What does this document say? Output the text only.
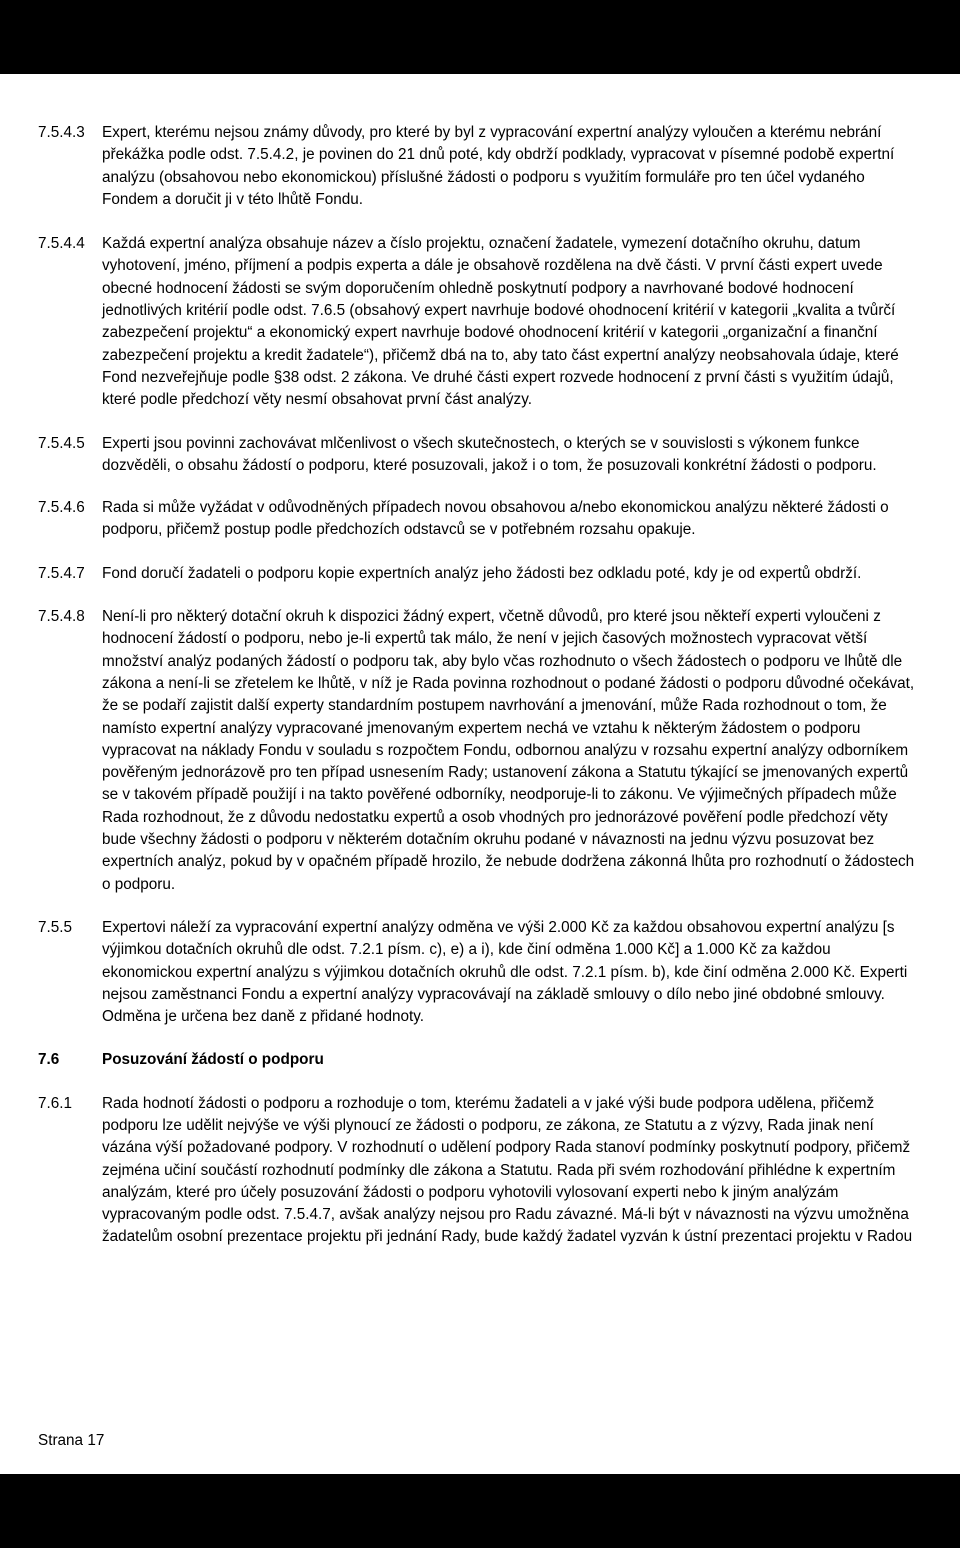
7.5.4.3	Expert, kterému nejsou známy důvody, pro které by byl z vypracování expertní analýzy vyloučen a kterému nebrání překážka podle odst. 7.5.4.2, je povinen do 21 dnů poté, kdy obdrží podklady, vypracovat v písemné podobě expertní analýzu (obsahovou nebo ekonomickou) příslušné žádosti o podporu s využitím formuláře pro ten účel vydaného Fondem a doručit ji v této lhůtě Fondu.
7.5.4.4	Každá expertní analýza obsahuje název a číslo projektu, označení žadatele, vymezení dotačního okruhu, datum vyhotovení, jméno, příjmení a podpis experta a dále je obsahově rozdělena na dvě části. V první části expert uvede obecné hodnocení žádosti se svým doporučením ohledně poskytnutí podpory a navrhované bodové hodnocení jednotlivých kritérií podle odst. 7.6.5 (obsahový expert navrhuje bodové ohodnocení kritérií v kategorii „kvalita a tvůrčí zabezpečení projektu“ a ekonomický expert navrhuje bodové ohodnocení kritérií v kategorii „organizační a finanční zabezpečení projektu a kredit žadatele“), přičemž dbá na to, aby tato část expertní analýzy neobsahovala údaje, které Fond nezveřejňuje podle §38 odst. 2 zákona. Ve druhé části expert rozvede hodnocení z první části s využitím údajů, které podle předchozí věty nesmí obsahovat první část analýzy.
7.5.4.5	Experti jsou povinni zachovávat mlčenlivost o všech skutečnostech, o kterých se v souvislosti s výkonem funkce dozvěděli, o obsahu žádostí o podporu, které posuzovali, jakož i o tom, že posuzovali konkrétní žádosti o podporu.
7.5.4.6	Rada si může vyžádat v odůvodněných případech novou obsahovou a/nebo ekonomickou analýzu některé žádosti o podporu, přičemž postup podle předchozích odstavců se v potřebném rozsahu opakuje.
7.5.4.7	Fond doručí žadateli o podporu kopie expertních analýz jeho žádosti bez odkladu poté, kdy je od expertů obdrží.
7.5.4.8	Není-li pro některý dotační okruh k dispozici žádný expert, včetně důvodů, pro které jsou někteří experti vyloučeni z hodnocení žádostí o podporu, nebo je-li expertů tak málo, že není v jejich časových možnostech vypracovat větší množství analýz podaných žádostí o podporu tak, aby bylo včas rozhodnuto o všech žádostech o podporu ve lhůtě dle zákona a není-li se zřetelem ke lhůtě, v níž je Rada povinna rozhodnout o podané žádosti o podporu důvodné očekávat, že se podaří zajistit další experty standardním postupem navrhování a jmenování, může Rada rozhodnout o tom, že namísto expertní analýzy vypracované jmenovaným expertem nechá ve vztahu k některým žádostem o podporu vypracovat na náklady Fondu v souladu s rozpočtem Fondu, odbornou analýzu v rozsahu expertní analýzy odborníkem pověřeným jednorázově pro ten případ usnesením Rady; ustanovení zákona a Statutu týkající se jmenovaných expertů se v takovém případě použijí i na takto pověřené odborníky, neodporuje-li to zákonu. Ve výjimečných případech může Rada rozhodnout, že z důvodu nedostatku expertů a osob vhodných pro jednorázové pověření podle předchozí věty bude všechny žádosti o podporu v některém dotačním okruhu podané v návaznosti na jednu výzvu posuzovat bez expertních analýz, pokud by v opačném případě hrozilo, že nebude dodržena zákonná lhůta pro rozhodnutí o žádostech o podporu.
7.5.5	Expertovi náleží za vypracování expertní analýzy odměna ve výši 2.000 Kč za každou obsahovou expertní analýzu [s výjimkou dotačních okruhů dle odst. 7.2.1 písm. c), e) a i), kde činí odměna 1.000 Kč] a 1.000 Kč za každou ekonomickou expertní analýzu s výjimkou dotačních okruhů dle odst. 7.2.1 písm. b), kde činí odměna 2.000 Kč. Experti nejsou zaměstnanci Fondu a expertní analýzy vypracovávají na základě smlouvy o dílo nebo jiné obdobné smlouvy. Odměna je určena bez daně z přidané hodnoty.
7.6	Posuzování žádostí o podporu
7.6.1	Rada hodnotí žádosti o podporu a rozhoduje o tom, kterému žadateli a v jaké výši bude podpora udělena, přičemž podporu lze udělit nejvýše ve výši plynoucí ze žádosti o podporu, ze zákona, ze Statutu a z výzvy, Rada jinak není vázána výší požadované podpory. V rozhodnutí o udělení podpory Rada stanoví podmínky poskytnutí podpory, přičemž zejména učiní součástí rozhodnutí podmínky dle zákona a Statutu. Rada při svém rozhodování přihlédne k expertním analýzám, které pro účely posuzování žádosti o podporu vyhotovili vylosovaní experti nebo k jiným analýzám vypracovaným podle odst. 7.5.4.7, avšak analýzy nejsou pro Radu závazné. Má-li být v návaznosti na výzvu umožněna žadatelům osobní prezentace projektu při jednání Rady, bude každý žadatel vyzván k ústní prezentaci projektu v Radou
Strana 17
